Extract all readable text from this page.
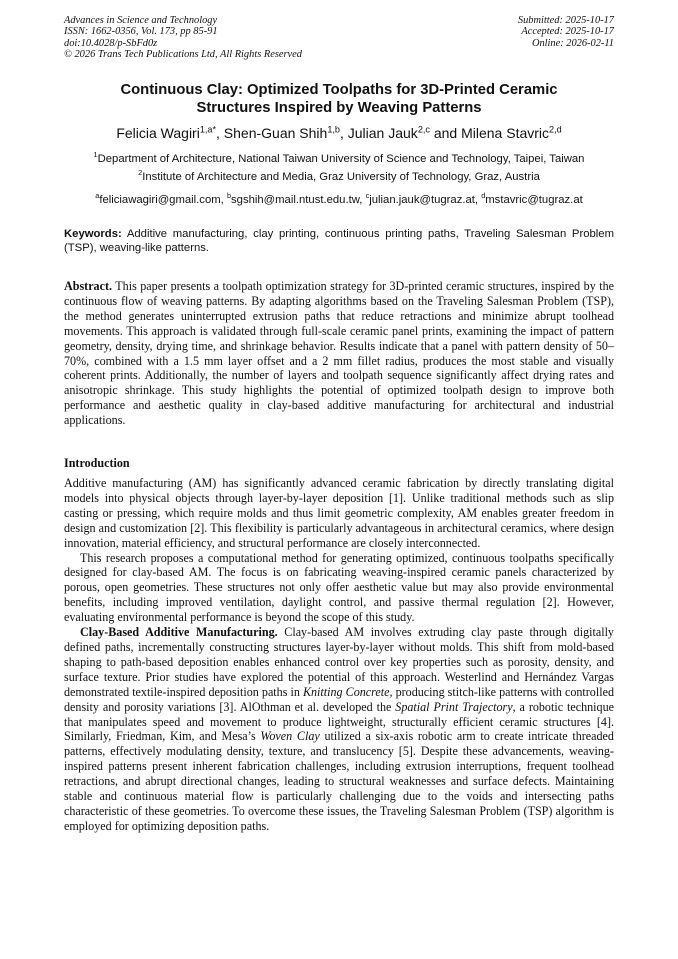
Advances in Science and Technology
ISSN: 1662-0356, Vol. 173, pp 85-91
doi:10.4028/p-SbFd0z
© 2026 Trans Tech Publications Ltd, All Rights Reserved
Submitted: 2025-10-17
Accepted: 2025-10-17
Online: 2026-02-11
Continuous Clay: Optimized Toolpaths for 3D-Printed Ceramic
Structures Inspired by Weaving Patterns
Felicia Wagiri$^{1,a*}$, Shen-Guan Shih$^{1,b}$, Julian Jauk$^{2,c}$ and Milena Stavric$^{2,d}$
$^1$Department of Architecture, National Taiwan University of Science and Technology, Taipei, Taiwan
$^2$Institute of Architecture and Media, Graz University of Technology, Graz, Austria
$^a$feliciawagiri@gmail.com, $^b$sgshih@mail.ntust.edu.tw, $^c$julian.jauk@tugraz.at, $^d$mstavric@tugraz.at

Keywords: Additive manufacturing, clay printing, continuous printing paths, Traveling Salesman Problem (TSP), weaving-like patterns.

Abstract. This paper presents a toolpath optimization strategy for 3D-printed ceramic structures, inspired by the continuous flow of weaving patterns. By adapting algorithms based on the Traveling Salesman Problem (TSP), the method generates uninterrupted extrusion paths that reduce retractions and minimize abrupt toolhead movements. This approach is validated through full-scale ceramic panel prints, examining the impact of pattern geometry, density, drying time, and shrinkage behavior. Results indicate that a panel with pattern density of 50–70%, combined with a 1.5 mm layer offset and a 2 mm fillet radius, produces the most stable and visually coherent prints. Additionally, the number of layers and toolpath sequence significantly affect drying rates and anisotropic shrinkage. This study highlights the potential of optimized toolpath design to improve both performance and aesthetic quality in clay-based additive manufacturing for architectural and industrial applications.

Introduction

Additive manufacturing (AM) has significantly advanced ceramic fabrication by directly translating digital models into physical objects through layer-by-layer deposition [1]. Unlike traditional methods such as slip casting or pressing, which require molds and thus limit geometric complexity, AM enables greater freedom in design and customization [2]. This flexibility is particularly advantageous in architectural ceramics, where design innovation, material efficiency, and structural performance are closely interconnected.

This research proposes a computational method for generating optimized, continuous toolpaths specifically designed for clay-based AM. The focus is on fabricating weaving-inspired ceramic panels characterized by porous, open geometries. These structures not only offer aesthetic value but may also provide environmental benefits, including improved ventilation, daylight control, and passive thermal regulation [2]. However, evaluating environmental performance is beyond the scope of this study.

Clay-Based Additive Manufacturing. Clay-based AM involves extruding clay paste through digitally defined paths, incrementally constructing structures layer-by-layer without molds. This shift from mold-based shaping to path-based deposition enables enhanced control over key properties such as porosity, density, and surface texture. Prior studies have explored the potential of this approach. Westerlind and Hernández Vargas demonstrated textile-inspired deposition paths in Knitting Concrete, producing stitch-like patterns with controlled density and porosity variations [3]. AlOthman et al. developed the Spatial Print Trajectory, a robotic technique that manipulates speed and movement to produce lightweight, structurally efficient ceramic structures [4]. Similarly, Friedman, Kim, and Mesa’s Woven Clay utilized a six-axis robotic arm to create intricate threaded patterns, effectively modulating density, texture, and translucency [5]. Despite these advancements, weaving-inspired patterns present inherent fabrication challenges, including extrusion interruptions, frequent toolhead retractions, and abrupt directional changes, leading to structural weaknesses and surface defects. Maintaining stable and continuous material flow is particularly challenging due to the voids and intersecting paths characteristic of these geometries. To overcome these issues, the Traveling Salesman Problem (TSP) algorithm is employed for optimizing deposition paths.
